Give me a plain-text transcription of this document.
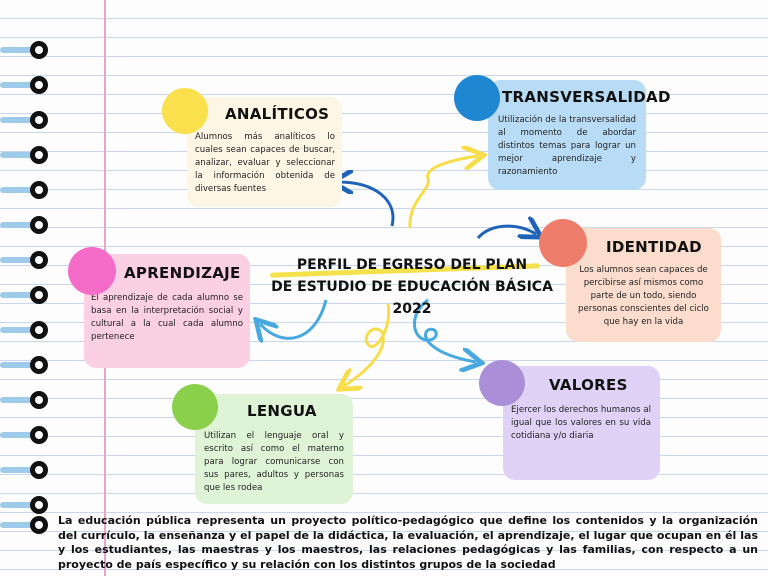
ANALÍTICOS
Alumnos más analíticos lo cuales sean capaces de buscar, analizar, evaluar y seleccionar la información obtenida de diversas fuentes
TRANSVERSALIDAD
Utilización de la transversalidad al momento de abordar distintos temas para lograr un mejor aprendizaje y razonamiento
IDENTIDAD
Los alumnos sean capaces de percibirse así mismos como parte de un todo, siendo personas conscientes del ciclo que hay en la vida
APRENDIZAJE
El aprendizaje de cada alumno se basa en la interpretación social y cultural a la cual cada alumno pertenece
VALORES
Ejercer los derechos humanos al igual que los valores en su vida cotidiana y/o diaria
LENGUA
Utilizan el lenguaje oral y escrito así como el materno para lograr comunicarse con sus pares, adultos y personas que les rodea
PERFIL DE EGRESO DEL PLAN
DE ESTUDIO DE EDUCACIÓN BÁSICA 2022
La educación pública representa un proyecto político-pedagógico que define los contenidos y la organización del currículo, la enseñanza y el papel de la didáctica, la evaluación, el aprendizaje, el lugar que ocupan en él las y los estudiantes, las maestras y los maestros, las relaciones pedagógicas y las familias, con respecto a un proyecto de país específico y su relación con los distintos grupos de la sociedad
